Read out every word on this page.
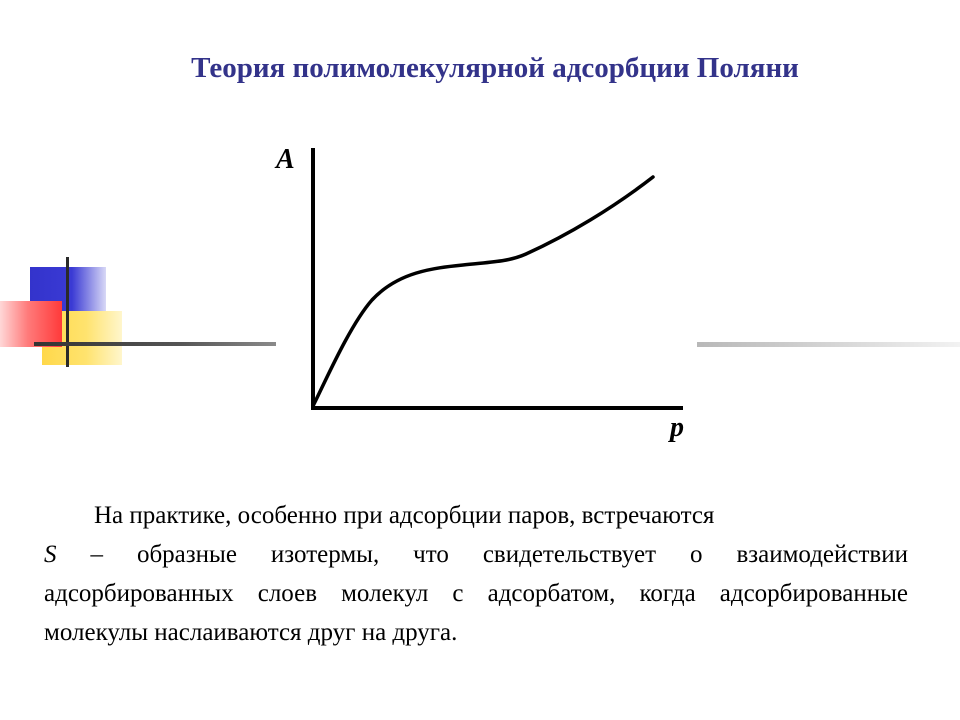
Теория полимолекулярной адсорбции Поляни
A
p

На практике, особенно при адсорбции паров, встречаются
S – образные изотермы, что свидетельствует о взаимодействии адсорбированных слоев молекул с адсорбатом, когда адсорбированные молекулы наслаиваются друг на друга.
